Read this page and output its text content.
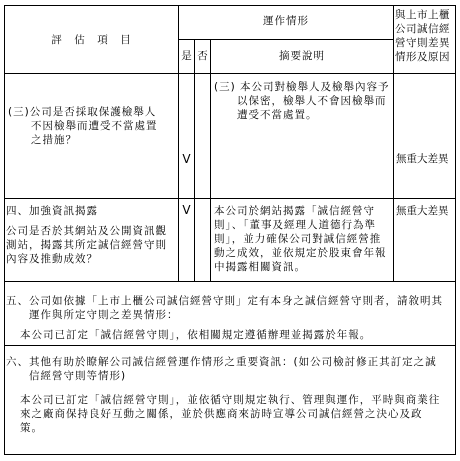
評　估　項　目
運作情形
是 否	摘要說明
與上市上櫃
公司誠信經
營守則差異
情形及原因
(三)公司是否採取保護檢舉人
　　不因檢舉而遭受不當處置
　　之措施？
V
(三) 本公司對檢舉人及檢舉內容予
　　以保密，檢舉人不會因檢舉而
　　遭受不當處置。
無重大差異
四、加強資訊揭露
公司是否於其網站及公開資訊觀
測站，揭露其所定誠信經營守則
內容及推動成效？
V	本公司於網站揭露「誠信經營守
則」、「董事及經理人道德行為準
則」，並力確保公司對誠信經營推
動之成效，並依規定於股東會年報
中揭露相關資訊。
無重大差異
五、公司如依據「上市上櫃公司誠信經營守則」定有本身之誠信經營守則者，請敘明其
　　運作與所定守則之差異情形：
本公司已訂定「誠信經營守則」，依相關規定遵循辦理並揭露於年報。
六、其他有助於瞭解公司誠信經營運作情形之重要資訊：(如公司檢討修正其訂定之誠
　　信經營守則等情形)
本公司已訂定「誠信經營守則」，並依循守則規定執行、管理與運作，平時與商業往
來之廠商保持良好互動之關係，並於供應商來訪時宣導公司誠信經營之決心及政
策。
